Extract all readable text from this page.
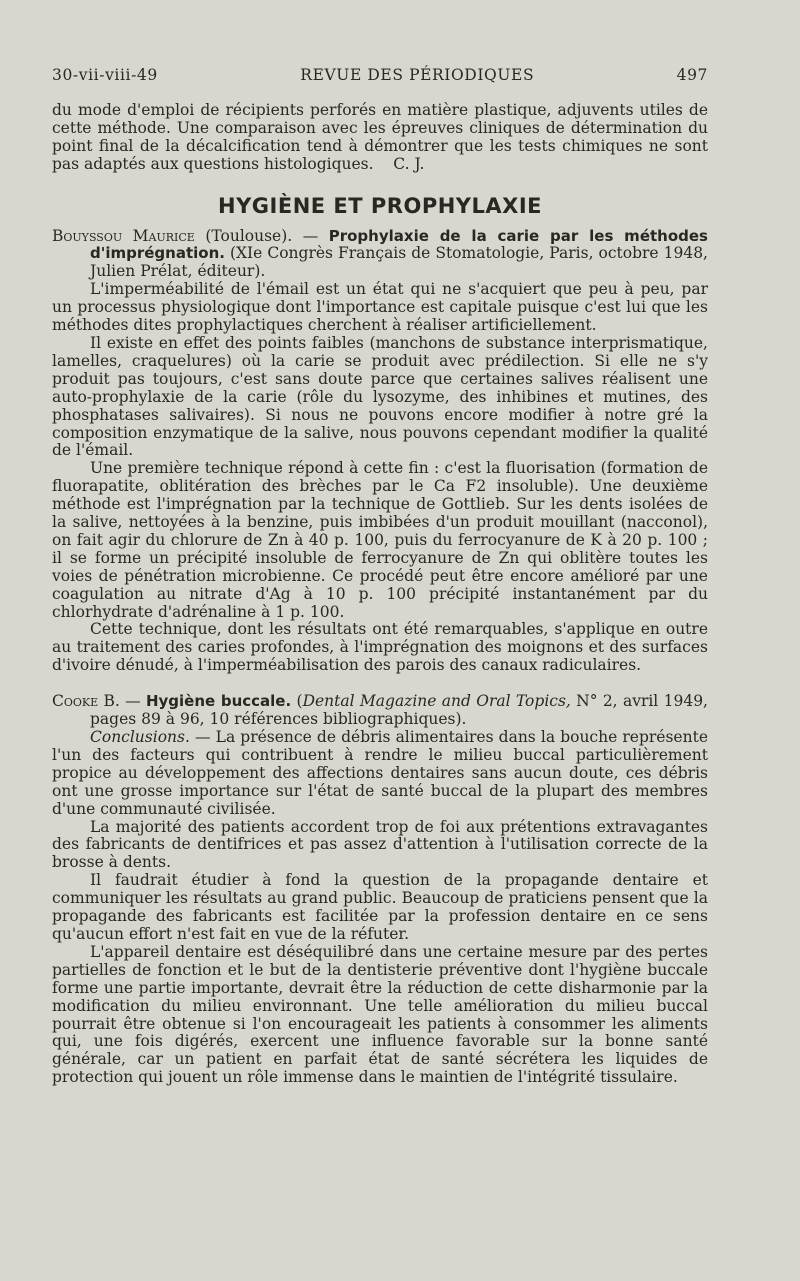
30-vii-viii-49	REVUE DES PÉRIODIQUES	497

du mode d'emploi de récipients perforés en matière plastique, adjuvents utiles de cette méthode. Une comparaison avec les épreuves cliniques de détermination du point final de la décalcification tend à démontrer que les tests chimiques ne sont pas adaptés aux questions histologiques. C. J.

HYGIÈNE ET PROPHYLAXIE

Bouyssou Maurice (Toulouse). — Prophylaxie de la carie par les méthodes d'imprégnation. (XIe Congrès Français de Stomatologie, Paris, octobre 1948, Julien Prélat, éditeur).

L'imperméabilité de l'émail est un état qui ne s'acquiert que peu à peu, par un processus physiologique dont l'importance est capitale puisque c'est lui que les méthodes dites prophylactiques cherchent à réaliser artificiellement.

Il existe en effet des points faibles (manchons de substance interprismatique, lamelles, craquelures) où la carie se produit avec prédilection. Si elle ne s'y produit pas toujours, c'est sans doute parce que certaines salives réalisent une auto-prophylaxie de la carie (rôle du lysozyme, des inhibines et mutines, des phosphatases salivaires). Si nous ne pouvons encore modifier à notre gré la composition enzymatique de la salive, nous pouvons cependant modifier la qualité de l'émail.

Une première technique répond à cette fin : c'est la fluorisation (formation de fluorapatite, oblitération des brèches par le Ca F2 insoluble). Une deuxième méthode est l'imprégnation par la technique de Gottlieb. Sur les dents isolées de la salive, nettoyées à la benzine, puis imbibées d'un produit mouillant (nacconol), on fait agir du chlorure de Zn à 40 p. 100, puis du ferrocyanure de K à 20 p. 100 ; il se forme un précipité insoluble de ferrocyanure de Zn qui oblitère toutes les voies de pénétration microbienne. Ce procédé peut être encore amélioré par une coagulation au nitrate d'Ag à 10 p. 100 précipité instantanément par du chlorhydrate d'adrénaline à 1 p. 100.

Cette technique, dont les résultats ont été remarquables, s'applique en outre au traitement des caries profondes, à l'imprégnation des moignons et des surfaces d'ivoire dénudé, à l'imperméabilisation des parois des canaux radiculaires.

Cooke B. — Hygiène buccale. (Dental Magazine and Oral Topics, N° 2, avril 1949, pages 89 à 96, 10 références bibliographiques).

Conclusions. — La présence de débris alimentaires dans la bouche représente l'un des facteurs qui contribuent à rendre le milieu buccal particulièrement propice au développement des affections dentaires sans aucun doute, ces débris ont une grosse importance sur l'état de santé buccal de la plupart des membres d'une communauté civilisée.

La majorité des patients accordent trop de foi aux prétentions extravagantes des fabricants de dentifrices et pas assez d'attention à l'utilisation correcte de la brosse à dents.

Il faudrait étudier à fond la question de la propagande dentaire et communiquer les résultats au grand public. Beaucoup de praticiens pensent que la propagande des fabricants est facilitée par la profession dentaire en ce sens qu'aucun effort n'est fait en vue de la réfuter.

L'appareil dentaire est déséquilibré dans une certaine mesure par des pertes partielles de fonction et le but de la dentisterie préventive dont l'hygiène buccale forme une partie importante, devrait être la réduction de cette disharmonie par la modification du milieu environnant. Une telle amélioration du milieu buccal pourrait être obtenue si l'on encourageait les patients à consommer les aliments qui, une fois digérés, exercent une influence favorable sur la bonne santé générale, car un patient en parfait état de santé sécrétera les liquides de protection qui jouent un rôle immense dans le maintien de l'intégrité tissulaire.
